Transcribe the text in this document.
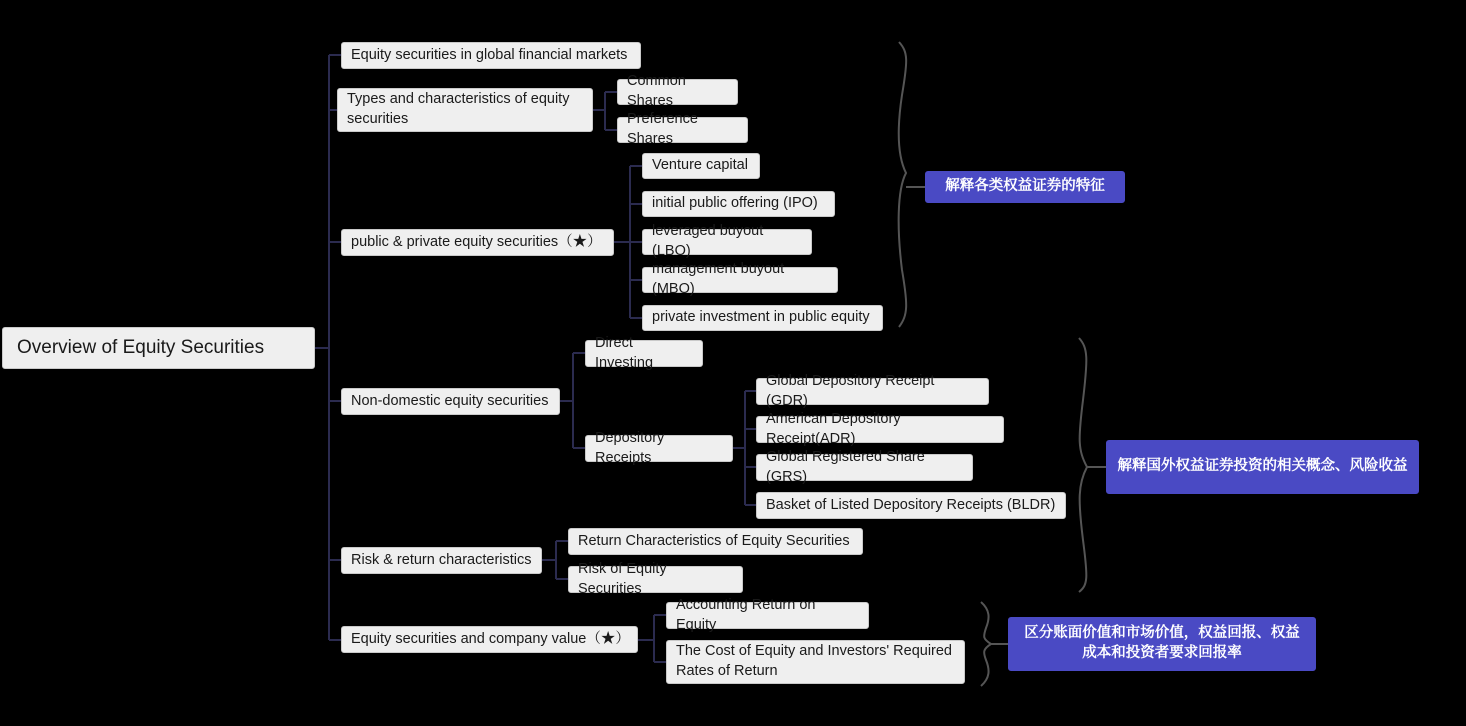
Overview of Equity Securities
Equity securities in global financial markets
Types and characteristics of equity securities
Common Shares
Preference Shares
public & private equity securities（★）
Venture capital
initial public offering (IPO)
leveraged buyout (LBO)
management buyout (MBO)
private investment in public equity
Non-domestic equity securities
Direct Investing
Depository Receipts
Global Depository Receipt (GDR)
American Depository Receipt(ADR)
Global Registered Share (GRS)
Basket of Listed Depository Receipts (BLDR)
Risk & return characteristics
Return Characteristics of Equity Securities
Risk of Equity Securities
Equity securities and company value（★）
Accounting Return on Equity
The Cost of Equity and Investors' Required Rates of Return
解释各类权益证券的特征
解释国外权益证券投资的相关概念、风险收益
区分账面价值和市场价值，权益回报、权益成本和投资者要求回报率
